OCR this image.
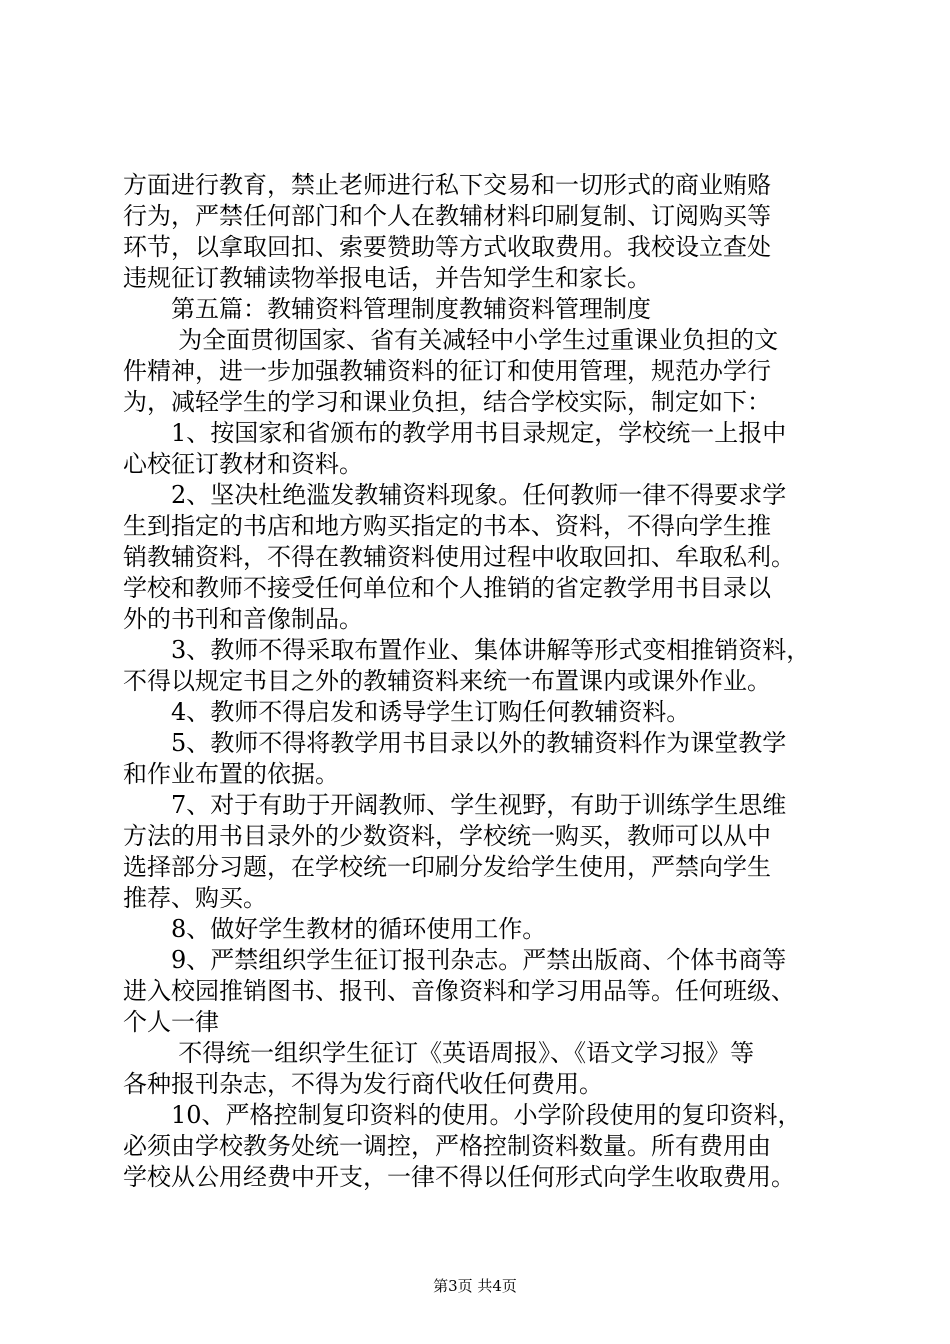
方面进行教育，禁止老师进行私下交易和一切形式的商业贿赂
行为，严禁任何部门和个人在教辅材料印刷复制、订阅购买等
环节，以拿取回扣、索要赞助等方式收取费用。我校设立查处
违规征订教辅读物举报电话，并告知学生和家长。
第五篇：教辅资料管理制度教辅资料管理制度
为全面贯彻国家、省有关减轻中小学生过重课业负担的文
件精神，进一步加强教辅资料的征订和使用管理，规范办学行
为，减轻学生的学习和课业负担，结合学校实际，制定如下：
1、按国家和省颁布的教学用书目录规定，学校统一上报中
心校征订教材和资料。
2、坚决杜绝滥发教辅资料现象。任何教师一律不得要求学
生到指定的书店和地方购买指定的书本、资料，不得向学生推
销教辅资料，不得在教辅资料使用过程中收取回扣、牟取私利。
学校和教师不接受任何单位和个人推销的省定教学用书目录以
外的书刊和音像制品。
3、教师不得采取布置作业、集体讲解等形式变相推销资料，
不得以规定书目之外的教辅资料来统一布置课内或课外作业。
4、教师不得启发和诱导学生订购任何教辅资料。
5、教师不得将教学用书目录以外的教辅资料作为课堂教学
和作业布置的依据。
7、对于有助于开阔教师、学生视野，有助于训练学生思维
方法的用书目录外的少数资料，学校统一购买，教师可以从中
选择部分习题，在学校统一印刷分发给学生使用，严禁向学生
推荐、购买。
8、做好学生教材的循环使用工作。
9、严禁组织学生征订报刊杂志。严禁出版商、个体书商等
进入校园推销图书、报刊、音像资料和学习用品等。任何班级、
个人一律
不得统一组织学生征订《英语周报》、《语文学习报》等
各种报刊杂志，不得为发行商代收任何费用。
10、严格控制复印资料的使用。小学阶段使用的复印资料，
必须由学校教务处统一调控，严格控制资料数量。所有费用由
学校从公用经费中开支，一律不得以任何形式向学生收取费用。
第3页 共4页
